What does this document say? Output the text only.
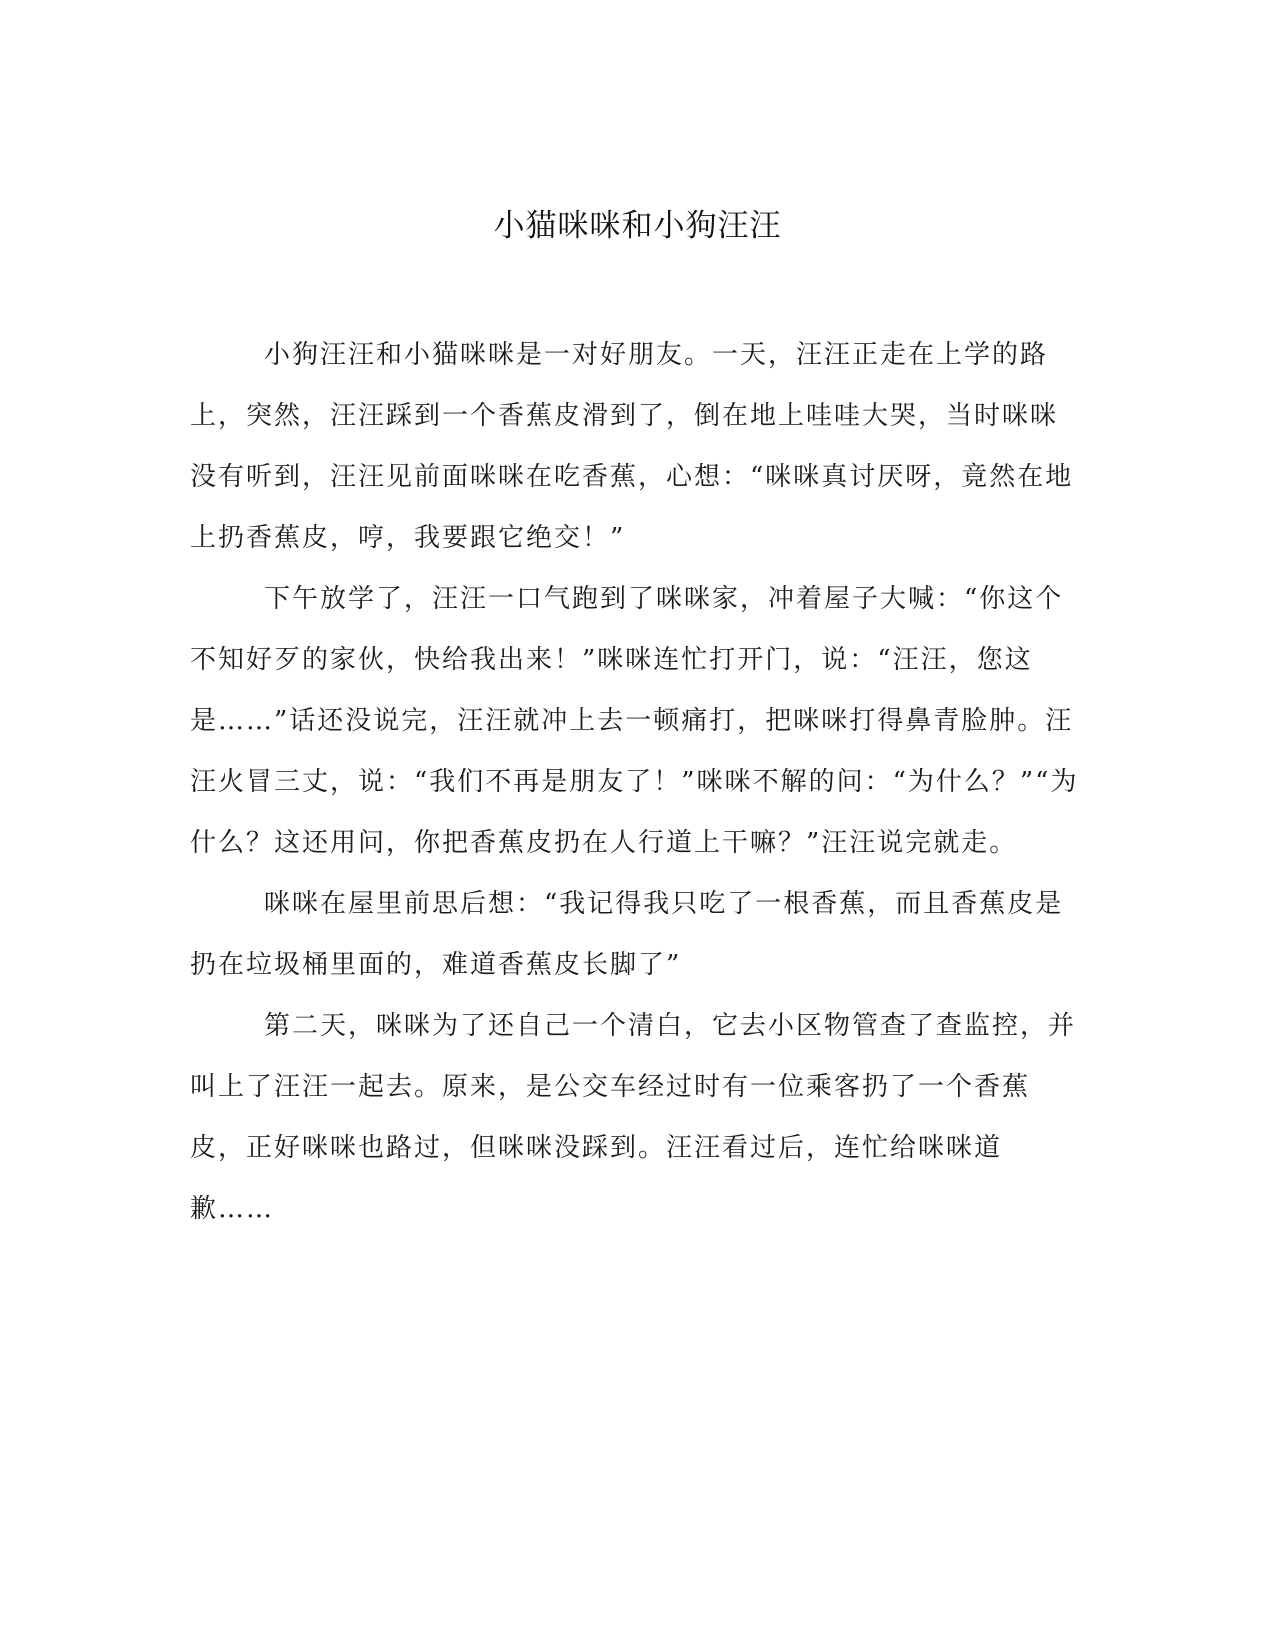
小猫咪咪和小狗汪汪

小狗汪汪和小猫咪咪是一对好朋友。一天，汪汪正走在上学的路上，突然，汪汪踩到一个香蕉皮滑到了，倒在地上哇哇大哭，当时咪咪没有听到，汪汪见前面咪咪在吃香蕉，心想：“咪咪真讨厌呀，竟然在地上扔香蕉皮，哼，我要跟它绝交！”

下午放学了，汪汪一口气跑到了咪咪家，冲着屋子大喊：“你这个不知好歹的家伙，快给我出来！”咪咪连忙打开门，说：“汪汪，您这是……”话还没说完，汪汪就冲上去一顿痛打，把咪咪打得鼻青脸肿。汪汪火冒三丈，说：“我们不再是朋友了！”咪咪不解的问：“为什么？”“为什么？这还用问，你把香蕉皮扔在人行道上干嘛？”汪汪说完就走。

咪咪在屋里前思后想：“我记得我只吃了一根香蕉，而且香蕉皮是扔在垃圾桶里面的，难道香蕉皮长脚了”

第二天，咪咪为了还自己一个清白，它去小区物管查了查监控，并叫上了汪汪一起去。原来，是公交车经过时有一位乘客扔了一个香蕉皮，正好咪咪也路过，但咪咪没踩到。汪汪看过后，连忙给咪咪道歉……
